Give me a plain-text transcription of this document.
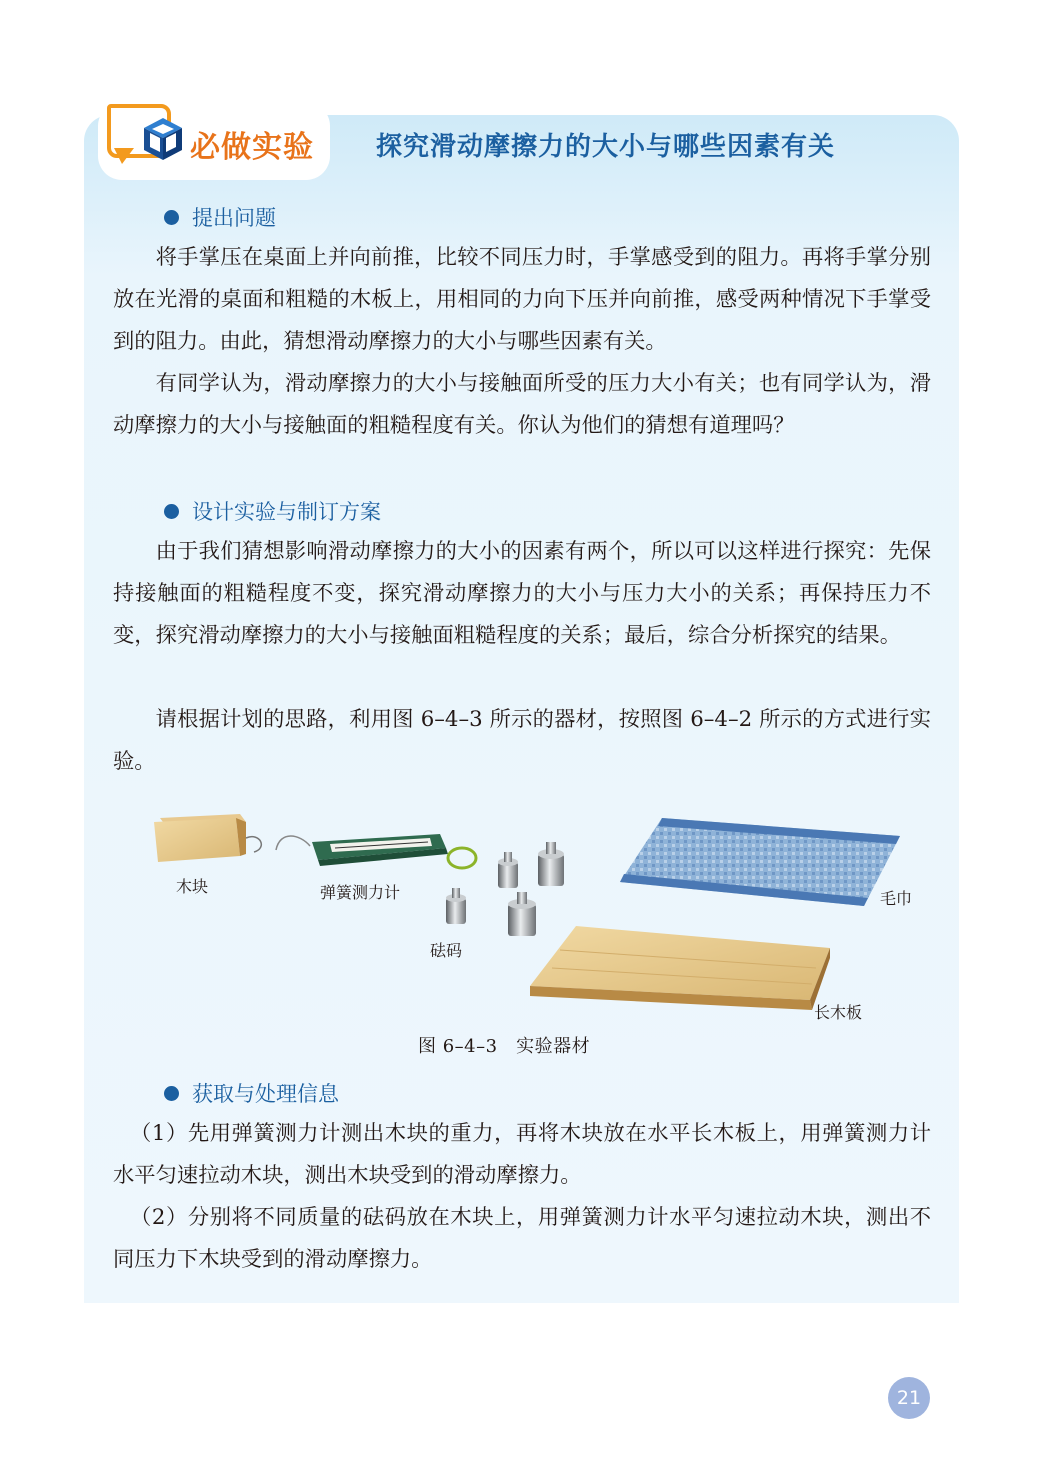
必做实验 探究滑动摩擦力的大小与哪些因素有关
提出问题

将手掌压在桌面上并向前推，比较不同压力时，手掌感受到的阻力。再将手掌分别放在光滑的桌面和粗糙的木板上，用相同的力向下压并向前推，感受两种情况下手掌受到的阻力。由此，猜想滑动摩擦力的大小与哪些因素有关。

有同学认为，滑动摩擦力的大小与接触面所受的压力大小有关；也有同学认为，滑动摩擦力的大小与接触面的粗糙程度有关。你认为他们的猜想有道理吗？

设计实验与制订方案

由于我们猜想影响滑动摩擦力的大小的因素有两个，所以可以这样进行探究：先保持接触面的粗糙程度不变，探究滑动摩擦力的大小与压力大小的关系；再保持压力不变，探究滑动摩擦力的大小与接触面粗糙程度的关系；最后，综合分析探究的结果。

请根据计划的思路，利用图 6–4–3 所示的器材，按照图 6–4–2 所示的方式进行实验。

木块	弹簧测力计
砝码
毛巾
长木板
图 6–4–3　实验器材
获取与处理信息

（1）先用弹簧测力计测出木块的重力，再将木块放在水平长木板上，用弹簧测力计水平匀速拉动木块，测出木块受到的滑动摩擦力。

（2）分别将不同质量的砝码放在木块上，用弹簧测力计水平匀速拉动木块，测出不同压力下木块受到的滑动摩擦力。

21
